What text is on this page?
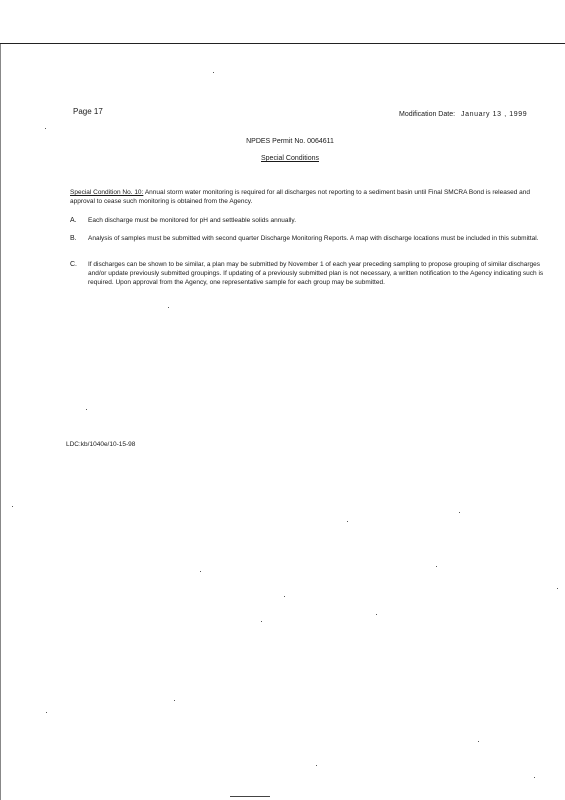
Page 17	Modification Date: January 13 , 1999
NPDES Permit No. 0064611
Special Conditions
Special Condition No. 10: Annual storm water monitoring is required for all discharges not reporting to a sediment basin until Final SMCRA Bond is released and approval to cease such monitoring is obtained from the Agency.
A. Each discharge must be monitored for pH and settleable solids annually.
B. Analysis of samples must be submitted with second quarter Discharge Monitoring Reports. A map with discharge locations must be included in this submittal.
C. If discharges can be shown to be similar, a plan may be submitted by November 1 of each year preceding sampling to propose grouping of similar discharges and/or update previously submitted groupings. If updating of a previously submitted plan is not necessary, a written notification to the Agency indicating such is required. Upon approval from the Agency, one representative sample for each group may be submitted.
LDC:kb/1040e/10-15-98
